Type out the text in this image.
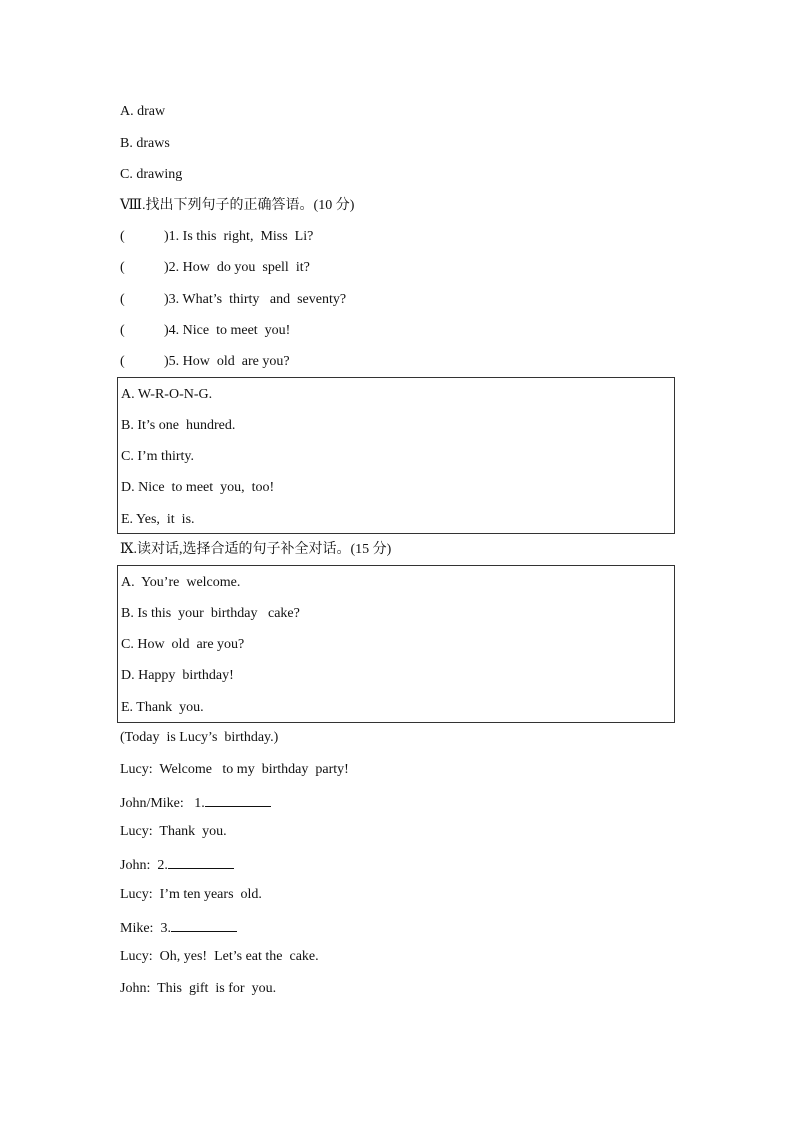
A. draw
B. draws
C. drawing
Ⅷ.找出下列句子的正确答语。(10 分)
(	)1. Is this  right,  Miss  Li?
(	)2. How  do you  spell  it?
(	)3. What’s  thirty   and  seventy?
(	)4. Nice  to meet  you!
(	)5. How  old  are you?
A. W-R-O-N-G.
B. It’s one  hundred.
C. I’m thirty.
D. Nice  to meet  you,  too!
E. Yes,  it  is.
Ⅸ.读对话,选择合适的句子补全对话。(15 分)
A.  You’re  welcome.
B. Is this  your  birthday   cake?
C. How  old  are you?
D. Happy  birthday!
E. Thank  you.
(Today  is Lucy’s  birthday.)
Lucy:  Welcome   to my  birthday  party!
John/Mike:   1.
Lucy:  Thank  you.
John:  2.
Lucy:  I’m ten years  old.
Mike:  3.
Lucy:  Oh, yes!  Let’s eat the  cake.
John:  This  gift  is for  you.
